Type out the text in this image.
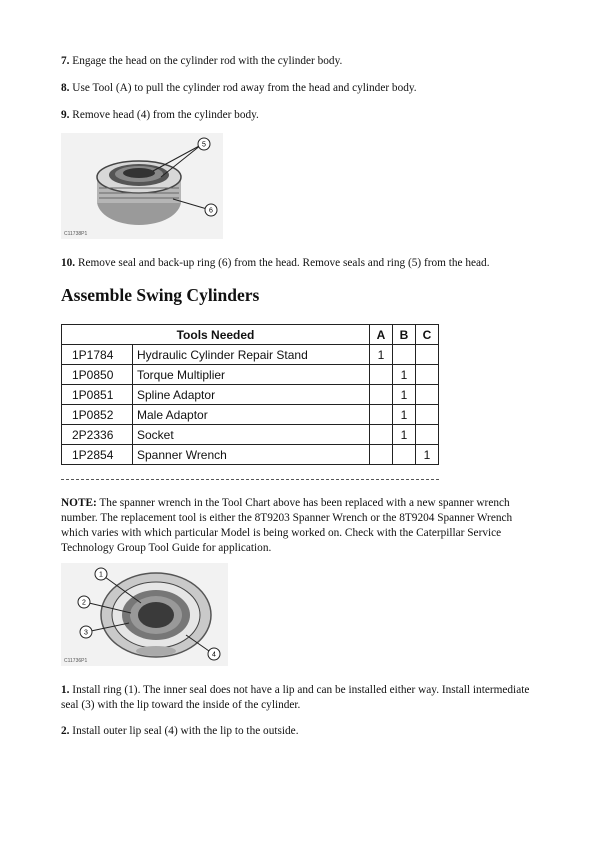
7. Engage the head on the cylinder rod with the cylinder body.

8. Use Tool (A) to pull the cylinder rod away from the head and cylinder body.

9. Remove head (4) from the cylinder body.

5
6
C11738P1

10. Remove seal and back-up ring (6) from the head. Remove seals and ring (5) from the head.

Assemble Swing Cylinders
Tools Needed		A	B	C
1P1784	Hydraulic Cylinder Repair Stand	1		
1P0850	Torque Multiplier		1	
1P0851	Spline Adaptor		1	
1P0852	Male Adaptor		1	
2P2336	Socket		1	
1P2854	Spanner Wrench			1

NOTE: The spanner wrench in the Tool Chart above has been replaced with a new spanner wrench number. The replacement tool is either the 8T9203 Spanner Wrench or the 8T9204 Spanner Wrench which varies with which particular Model is being worked on. Check with the Caterpillar Service Technology Group Tool Guide for application.

1
2
3
4
C11736P1

1. Install ring (1). The inner seal does not have a lip and can be installed either way. Install intermediate seal (3) with the lip toward the inside of the cylinder.

2. Install outer lip seal (4) with the lip to the outside.
